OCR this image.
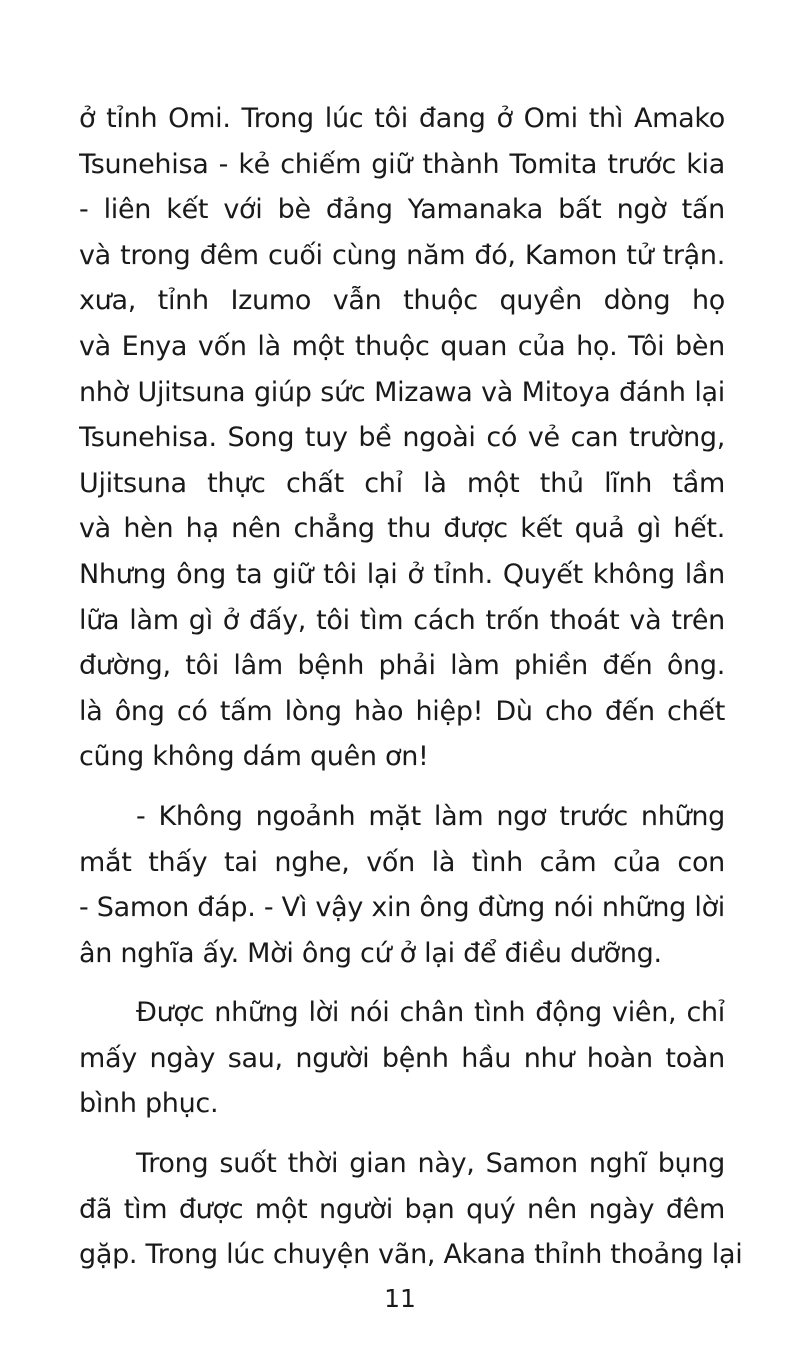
ở tỉnh Omi. Trong lúc tôi đang ở Omi thì Amako
Tsunehisa - kẻ chiếm giữ thành Tomita trước kia
- liên kết với bè đảng Yamanaka bất ngờ tấn
và trong đêm cuối cùng năm đó, Kamon tử trận.
xưa, tỉnh Izumo vẫn thuộc quyền dòng họ
và Enya vốn là một thuộc quan của họ. Tôi bèn
nhờ Ujitsuna giúp sức Mizawa và Mitoya đánh lại
Tsunehisa. Song tuy bề ngoài có vẻ can trường,
Ujitsuna thực chất chỉ là một thủ lĩnh tầm
và hèn hạ nên chẳng thu được kết quả gì hết.
Nhưng ông ta giữ tôi lại ở tỉnh. Quyết không lần
lữa làm gì ở đấy, tôi tìm cách trốn thoát và trên
đường, tôi lâm bệnh phải làm phiền đến ông.
là ông có tấm lòng hào hiệp! Dù cho đến chết
cũng không dám quên ơn!
- Không ngoảnh mặt làm ngơ trước những
mắt thấy tai nghe, vốn là tình cảm của con
- Samon đáp. - Vì vậy xin ông đừng nói những lời
ân nghĩa ấy. Mời ông cứ ở lại để điều dưỡng.
Được những lời nói chân tình động viên, chỉ
mấy ngày sau, người bệnh hầu như hoàn toàn
bình phục.
Trong suốt thời gian này, Samon nghĩ bụng
đã tìm được một người bạn quý nên ngày đêm
gặp. Trong lúc chuyện vãn, Akana thỉnh thoảng lại
11
